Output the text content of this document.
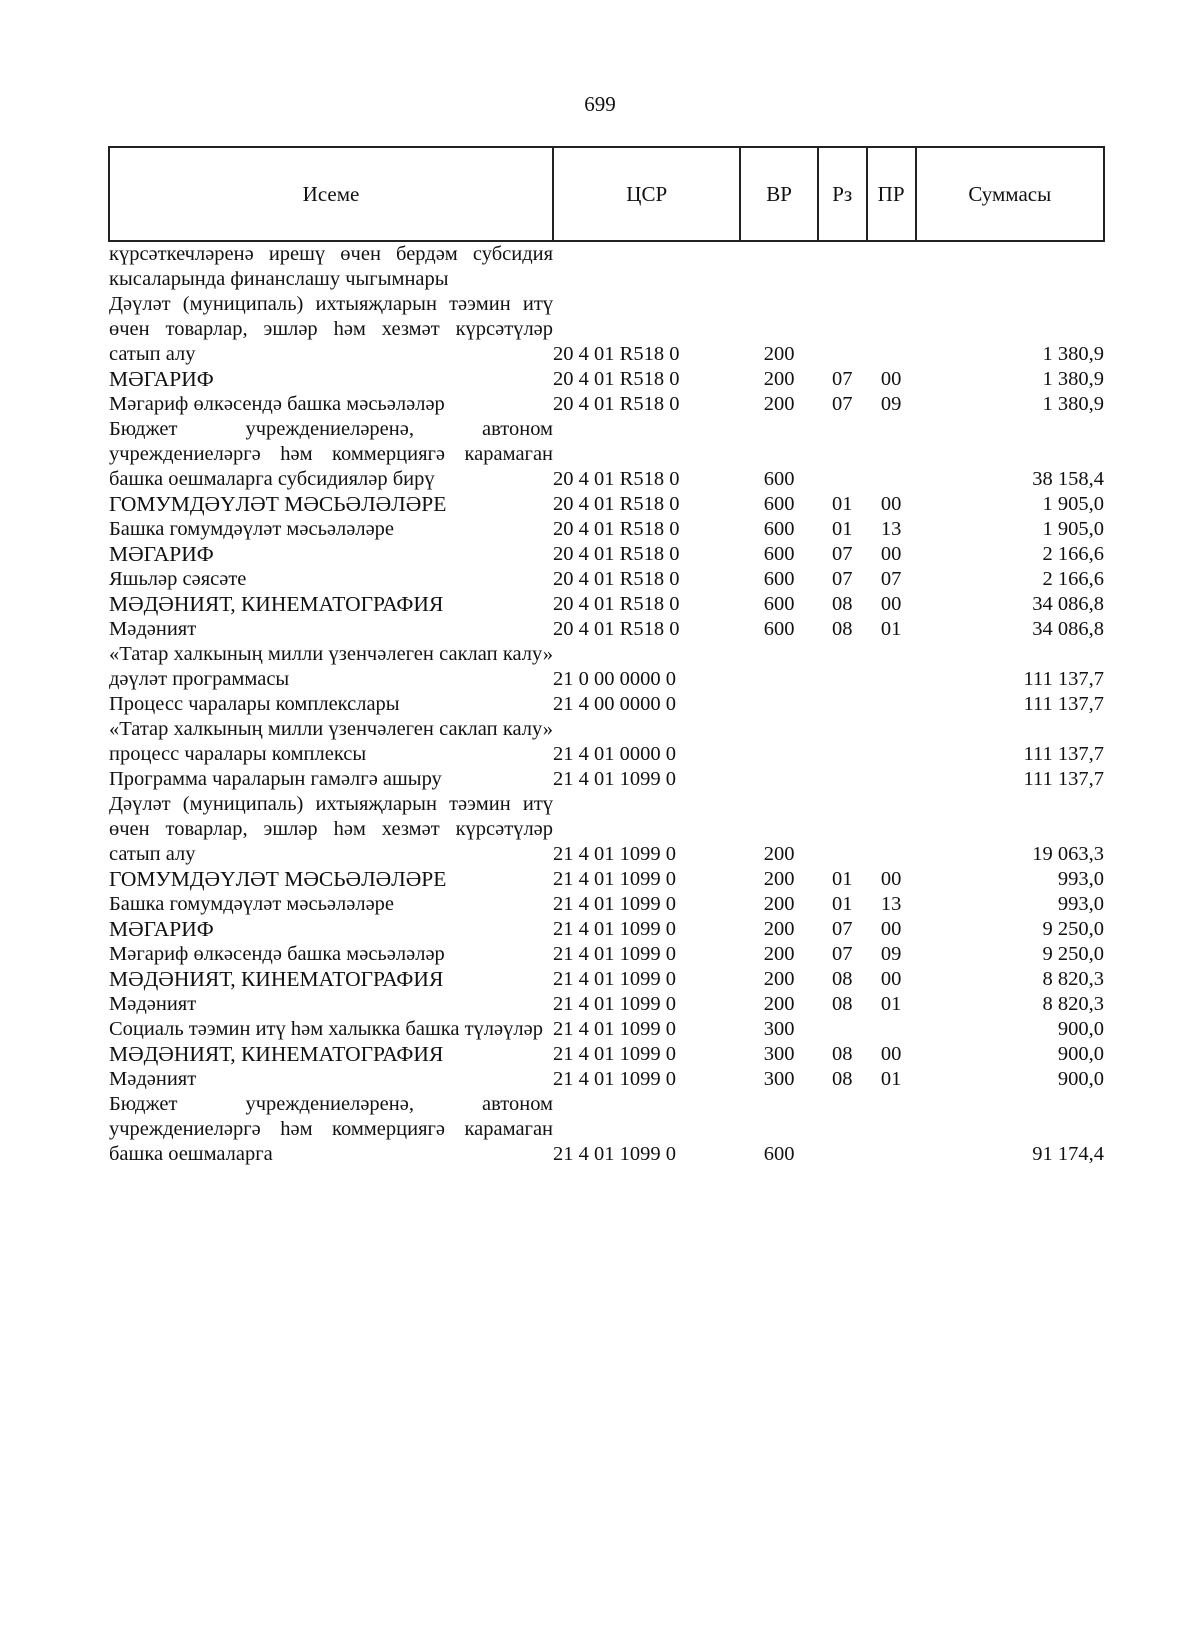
699
Исеме	ЦСР	ВР	Рз	ПР	Суммасы
күрсәткечләренә ирешү өчен бердәм субсидия кысаларында финанслашу чыгымнары					
Дәүләт (муниципаль) ихтыяҗларын тәэмин итү өчен товарлар, эшләр һәм хезмәт күрсәтүләр сатып алу	20 4 01 R518 0	200			1 380,9
МӘГАРИФ	20 4 01 R518 0	200	07	00	1 380,9
Мәгариф өлкәсендә башка мәсьәләләр	20 4 01 R518 0	200	07	09	1 380,9
Бюджет учреждениеләренә, автоном учреждениеләргә һәм коммерциягә карамаган башка оешмаларга субсидияләр бирү	20 4 01 R518 0	600			38 158,4
ГОМУМДӘҮЛӘТ МӘСЬӘЛӘЛӘРЕ	20 4 01 R518 0	600	01	00	1 905,0
Башка гомумдәүләт мәсьәләләре	20 4 01 R518 0	600	01	13	1 905,0
МӘГАРИФ	20 4 01 R518 0	600	07	00	2 166,6
Яшьләр сәясәте	20 4 01 R518 0	600	07	07	2 166,6
МӘДӘНИЯТ, КИНЕМАТОГРАФИЯ	20 4 01 R518 0	600	08	00	34 086,8
Мәдәният	20 4 01 R518 0	600	08	01	34 086,8
«Татар халкының милли үзенчәлеген саклап калу» дәүләт программасы	21 0 00 0000 0				111 137,7
Процесс чаралары комплекслары	21 4 00 0000 0				111 137,7
«Татар халкының милли үзенчәлеген саклап калу» процесс чаралары комплексы	21 4 01 0000 0				111 137,7
Программа чараларын гамәлгә ашыру	21 4 01 1099 0				111 137,7
Дәүләт (муниципаль) ихтыяҗларын тәэмин итү өчен товарлар, эшләр һәм хезмәт күрсәтүләр сатып алу	21 4 01 1099 0	200			19 063,3
ГОМУМДӘҮЛӘТ МӘСЬӘЛӘЛӘРЕ	21 4 01 1099 0	200	01	00	993,0
Башка гомумдәүләт мәсьәләләре	21 4 01 1099 0	200	01	13	993,0
МӘГАРИФ	21 4 01 1099 0	200	07	00	9 250,0
Мәгариф өлкәсендә башка мәсьәләләр	21 4 01 1099 0	200	07	09	9 250,0
МӘДӘНИЯТ, КИНЕМАТОГРАФИЯ	21 4 01 1099 0	200	08	00	8 820,3
Мәдәният	21 4 01 1099 0	200	08	01	8 820,3
Социаль тәэмин итү һәм халыкка башка түләүләр	21 4 01 1099 0	300			900,0
МӘДӘНИЯТ, КИНЕМАТОГРАФИЯ	21 4 01 1099 0	300	08	00	900,0
Мәдәният	21 4 01 1099 0	300	08	01	900,0
Бюджет учреждениеләренә, автоном учреждениеләргә һәм коммерциягә карамаган башка оешмаларга	21 4 01 1099 0	600			91 174,4
